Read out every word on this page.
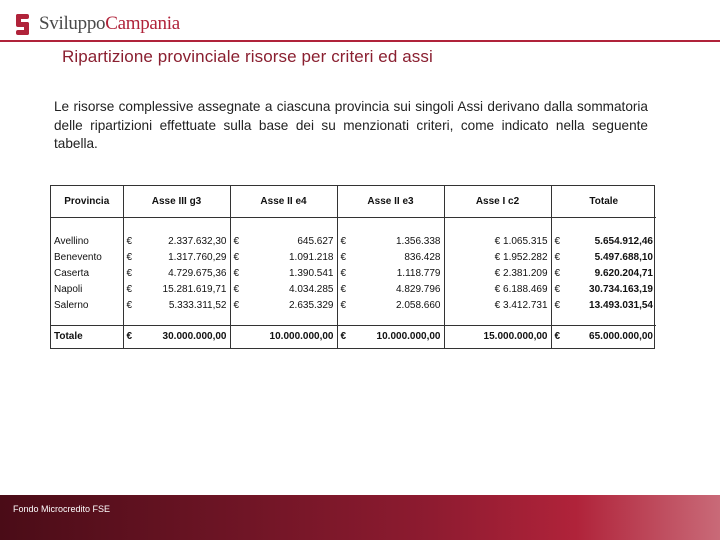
SviluppoCampania
Ripartizione provinciale risorse per criteri ed assi
Le risorse complessive assegnate a ciascuna provincia sui singoli Assi derivano dalla sommatoria delle ripartizioni effettuate sulla base dei su menzionati criteri, come indicato nella seguente tabella.
Provincia	Asse III g3	Asse II e4	Asse II e3	Asse I c2	Totale

Avellino	€ 2.337.632,30	€ 645.627	€ 1.356.338	€ 1.065.315	€ 5.654.912,46

Benevento	€ 1.317.760,29	€ 1.091.218	€ 836.428	€ 1.952.282	€ 5.497.688,10

Caserta	€ 4.729.675,36	€ 1.390.541	€ 1.118.779	€ 2.381.209	€ 9.620.204,71

Napoli	€ 15.281.619,71	€ 4.034.285	€ 4.829.796	€ 6.188.469	€ 30.734.163,19

Salerno	€ 5.333.311,52	€ 2.635.329	€ 2.058.660	€ 3.412.731	€ 13.493.031,54

Totale	€ 30.000.000,00	10.000.000,00	€ 10.000.000,00	15.000.000,00	€ 65.000.000,00
Fondo Microcredito FSE
